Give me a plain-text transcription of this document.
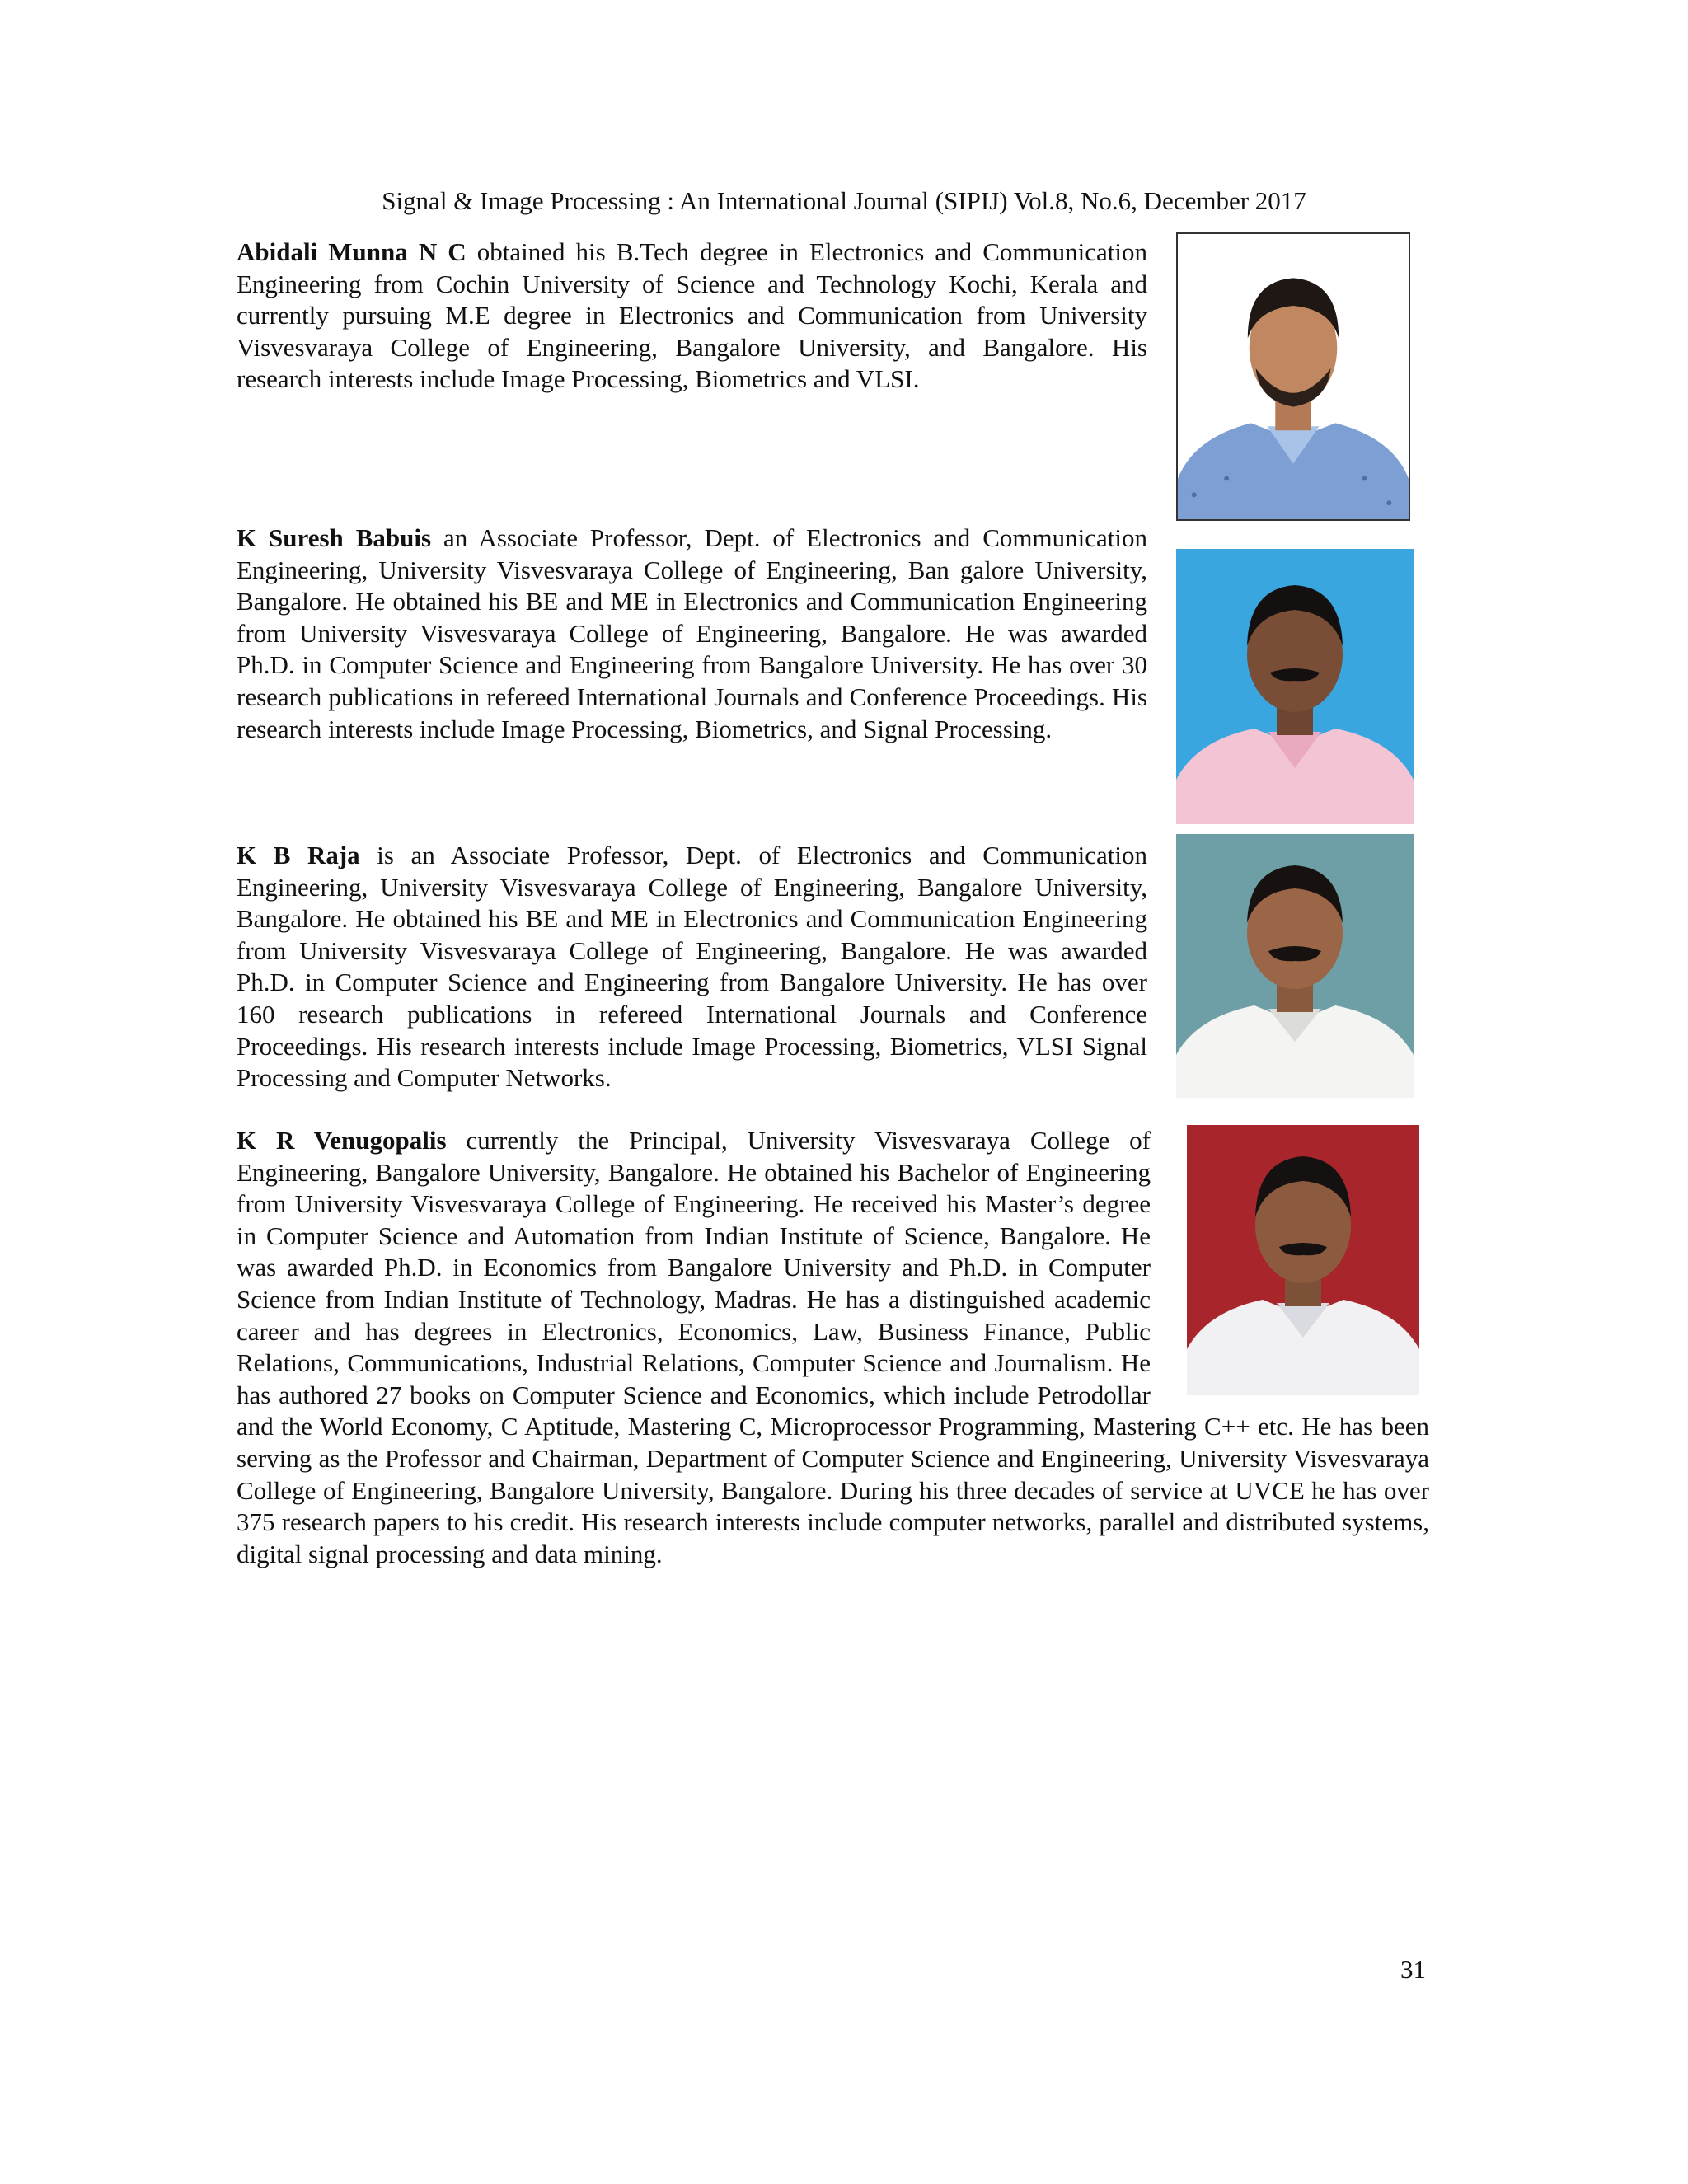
Signal & Image Processing : An International Journal (SIPIJ) Vol.8, No.6, December 2017

Abidali Munna N C obtained his B.Tech degree in Electronics and Communication Engineering from Cochin University of Science and Technology Kochi, Kerala and currently pursuing M.E degree in Electronics and Communication from University Visvesvaraya College of Engineering, Bangalore University, and Bangalore. His research interests include Image Processing, Biometrics and VLSI.

K Suresh Babuis an Associate Professor, Dept. of Electronics and Communication Engineering, University Visvesvaraya College of Engineering, Ban galore University, Bangalore. He obtained his BE and ME in Electronics and Communication Engineering from University Visvesvaraya College of Engineering, Bangalore. He was awarded Ph.D. in Computer Science and Engineering from Bangalore University. He has over 30 research publications in refereed International Journals and Conference Proceedings. His research interests include Image Processing, Biometrics, and Signal Processing.

K B Raja is an Associate Professor, Dept. of Electronics and Communication Engineering, University Visvesvaraya College of Engineering, Bangalore University, Bangalore. He obtained his BE and ME in Electronics and Communication Engineering from University Visvesvaraya College of Engineering, Bangalore. He was awarded Ph.D. in Computer Science and Engineering from Bangalore University. He has over 160 research publications in refereed International Journals and Conference Proceedings. His research interests include Image Processing, Biometrics, VLSI Signal Processing and Computer Networks.

K R Venugopalis currently the Principal, University Visvesvaraya College of Engineering, Bangalore University, Bangalore. He obtained his Bachelor of Engineering from University Visvesvaraya College of Engineering. He received his Master’s degree in Computer Science and Automation from Indian Institute of Science, Bangalore. He was awarded Ph.D. in Economics from Bangalore University and Ph.D. in Computer Science from Indian Institute of Technology, Madras. He has a distinguished academic career and has degrees in Electronics, Economics, Law, Business Finance, Public Relations, Communications, Industrial Relations, Computer Science and Journalism. He has authored 27 books on Computer Science and Economics, which include Petrodollar and the World Economy, C Aptitude, Mastering C, Microprocessor Programming, Mastering C++ etc. He has been serving as the Professor and Chairman, Department of Computer Science and Engineering, University Visvesvaraya College of Engineering, Bangalore University, Bangalore. During his three decades of service at UVCE he has over 375 research papers to his credit. His research interests include computer networks, parallel and distributed systems, digital signal processing and data mining.
31
